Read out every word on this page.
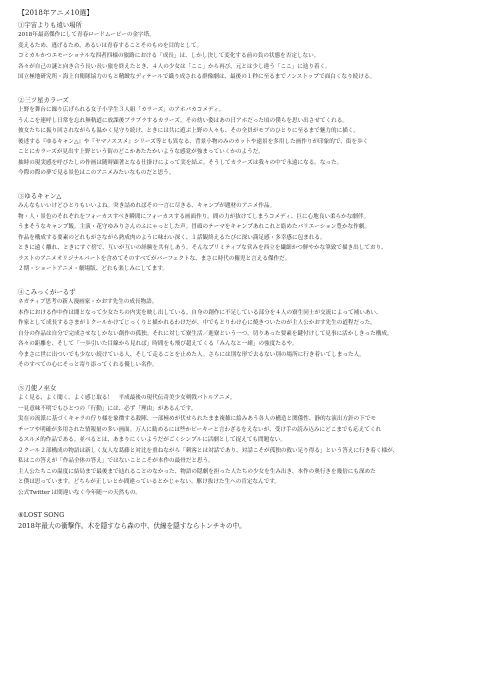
【2018年アニメ10選】
①宇宙よりも遠い場所
2018年最高傑作にして青春ロードムービーの金字塔。
変えるため、逃げるため、あるいは青春することそのものを目的として。
コミカルかつエモーショナルな四者四様の旅路における「成長」は、しかし決して変化する前の負の状態を否定しない。
各々が自己の謎と向き合う長い長い旅を終えたとき、４人の少女は「ここ」から再び、元とは少し違う「ここ」に辿り着く。
国立極地研究所・海上自衛隊協力のもと精緻なディテールで織り成される群像劇は、最後の１秒に至るまでノンストップで面白くなり続ける。
②三ツ星カラーズ
上野を舞台に繰り広げられる女子小学生３人組「カラーズ」のアホバカコメディ。
うんこを連呼し日常を忘れ無軌道に放課後ブラブラするカラーズ。その幼い姿はあの日アホだった頃の僕らを思い出させてくれる。
彼女たちに振り回されながらも温かく見守り続け、ときには共に遊ぶ上野の人々も、その全員がモブのひとりに至るまで魅力的に描く。
後述する『ゆるキャン△』や『ヤマノススメ』シリーズ等とも異なる、背景小物のみのカットや遠景を多用した画作りが印象的で、街を歩く
ことにカラーズが見出す上野という街のどこかあたたかいような感覚が強まっていくかのようだ。
抽時の現実感を呼びたしの作画は随時顕著となる仕掛けによって実を結ぶ。そうしてカラーズは我々の中で永遠になる。なった。
今際の際の夢で見る景色はこのアニメみたいなものだと思う。
③ゆるキャン△
みんなもいいけどひとりもいいよね。突き詰めればその一言に尽きる、キャンプが題材のアニメ作品。
物・人・景色のそれぞれをフォーカスすべき瞬間にフォーカスする画面作り。間の力が抜けてしまうコメディ、巨に心地良い柔らかな劇伴。
うまそうなキャンプ飯。主演・花守ゆみりさんのふにゃっとした声。冒頭のテーマをキャンプあれこれと絡めたバリエーション豊かな作劇。
作品を構成する要素のどれもがさながら熟成肉のように味わい深く、１話観終えるたびに深い満足感・多幸感に包まれる。
ときに遠く離れ、ときにすぐ傍で、互いが互いの経験を共有しあう。そんなプリミティブな営みを西立を繊細かつ鮮やかな筆致で描き出しており、
ラストのアニメオリジナルパートを含めてそのすべてがパーフェクトな、まさに時代の羅児と言える傑作だ。
２期・ショートアニメ・劇場版、どれも楽しみにしてます。
④こみっくがーるず
ネガティブ思考の新人漫画家・かおす先生の成長物語。
本作における作中作は闇となって少女たちの内実を映し出している。自身の創作に不足している部分を４人の寮生同士が交流によって補いあい、
作家として成長するさまが１クールかけてじっくりと描かれるわけだが、中でもとりわけ心に焼きついたのが主人公かおす先生の道程だった。
自分の作品は自分で完成させなしかない創作の孤独。それに対して寮生活／進寮という一つ、切りあった要素を鍵付けして見事に活かしきった構成。
各々の距離を、そして「一歩引いた目線から見れば」時間をも飛び超えてくる「みんなと一緒」の強度たるや。
今まさに世に出ついでも少ない続けている人、そして走ることを止めた人。さらには別な形で去るない別の場所に行き着いてしまった人。
そのすべての心にそっと寄り添ってくれる優しい名作。
⑤刀使ノ巫女
よく見る、よく聞く、よく感じ取る！　平成最後の現代伝奇美少女剣戟バトルアニメ。
一見意味不明でもひとつの「行動」には、必ず「理由」があるんです。
実在の流派に基づくキャラの佇り様を象徴する殺陣、一部極めが伏せられたまま複雑に絡みあう各人の構造と関係性、静的な演出方針の下でモ
チーフや明確が多用された情報量の多い画面。万人に勧めるには些かピーキーと言わざるをえないが、受け手の読み込みにどこまでも応えてくれ
るスルメ的作品である。並べるとは、あまりにくいようだがごくシンプルに活劇として捉えても問題ない。
２クール２部構成の物語は新しく友人な葛藤と対比を重ねながら「刺客とは対話であり、対話こそが孤独の救い足り得る」という答えに行き着く様が、
私はこの答えが「作品全体の答え」ではないことこそが本作の最骨だと思う。
主人公たちこの温度に結局まで最後まで辿れることのなかった、物語の隠劇を担った人たちの少女を生み出き、本作の奥行きを幾倍にも深めた
と僕は思っています。どちらが正しいとか間違っているとかじゃない。駆け抜けた生への肯定なんです。
公式Twitter は間違いなく今年随一の天然もの。
⑥LOST SONG
2018年最大の衝撃作。木を隠すなら森の中、伏線を隠すならトンチキの中。
